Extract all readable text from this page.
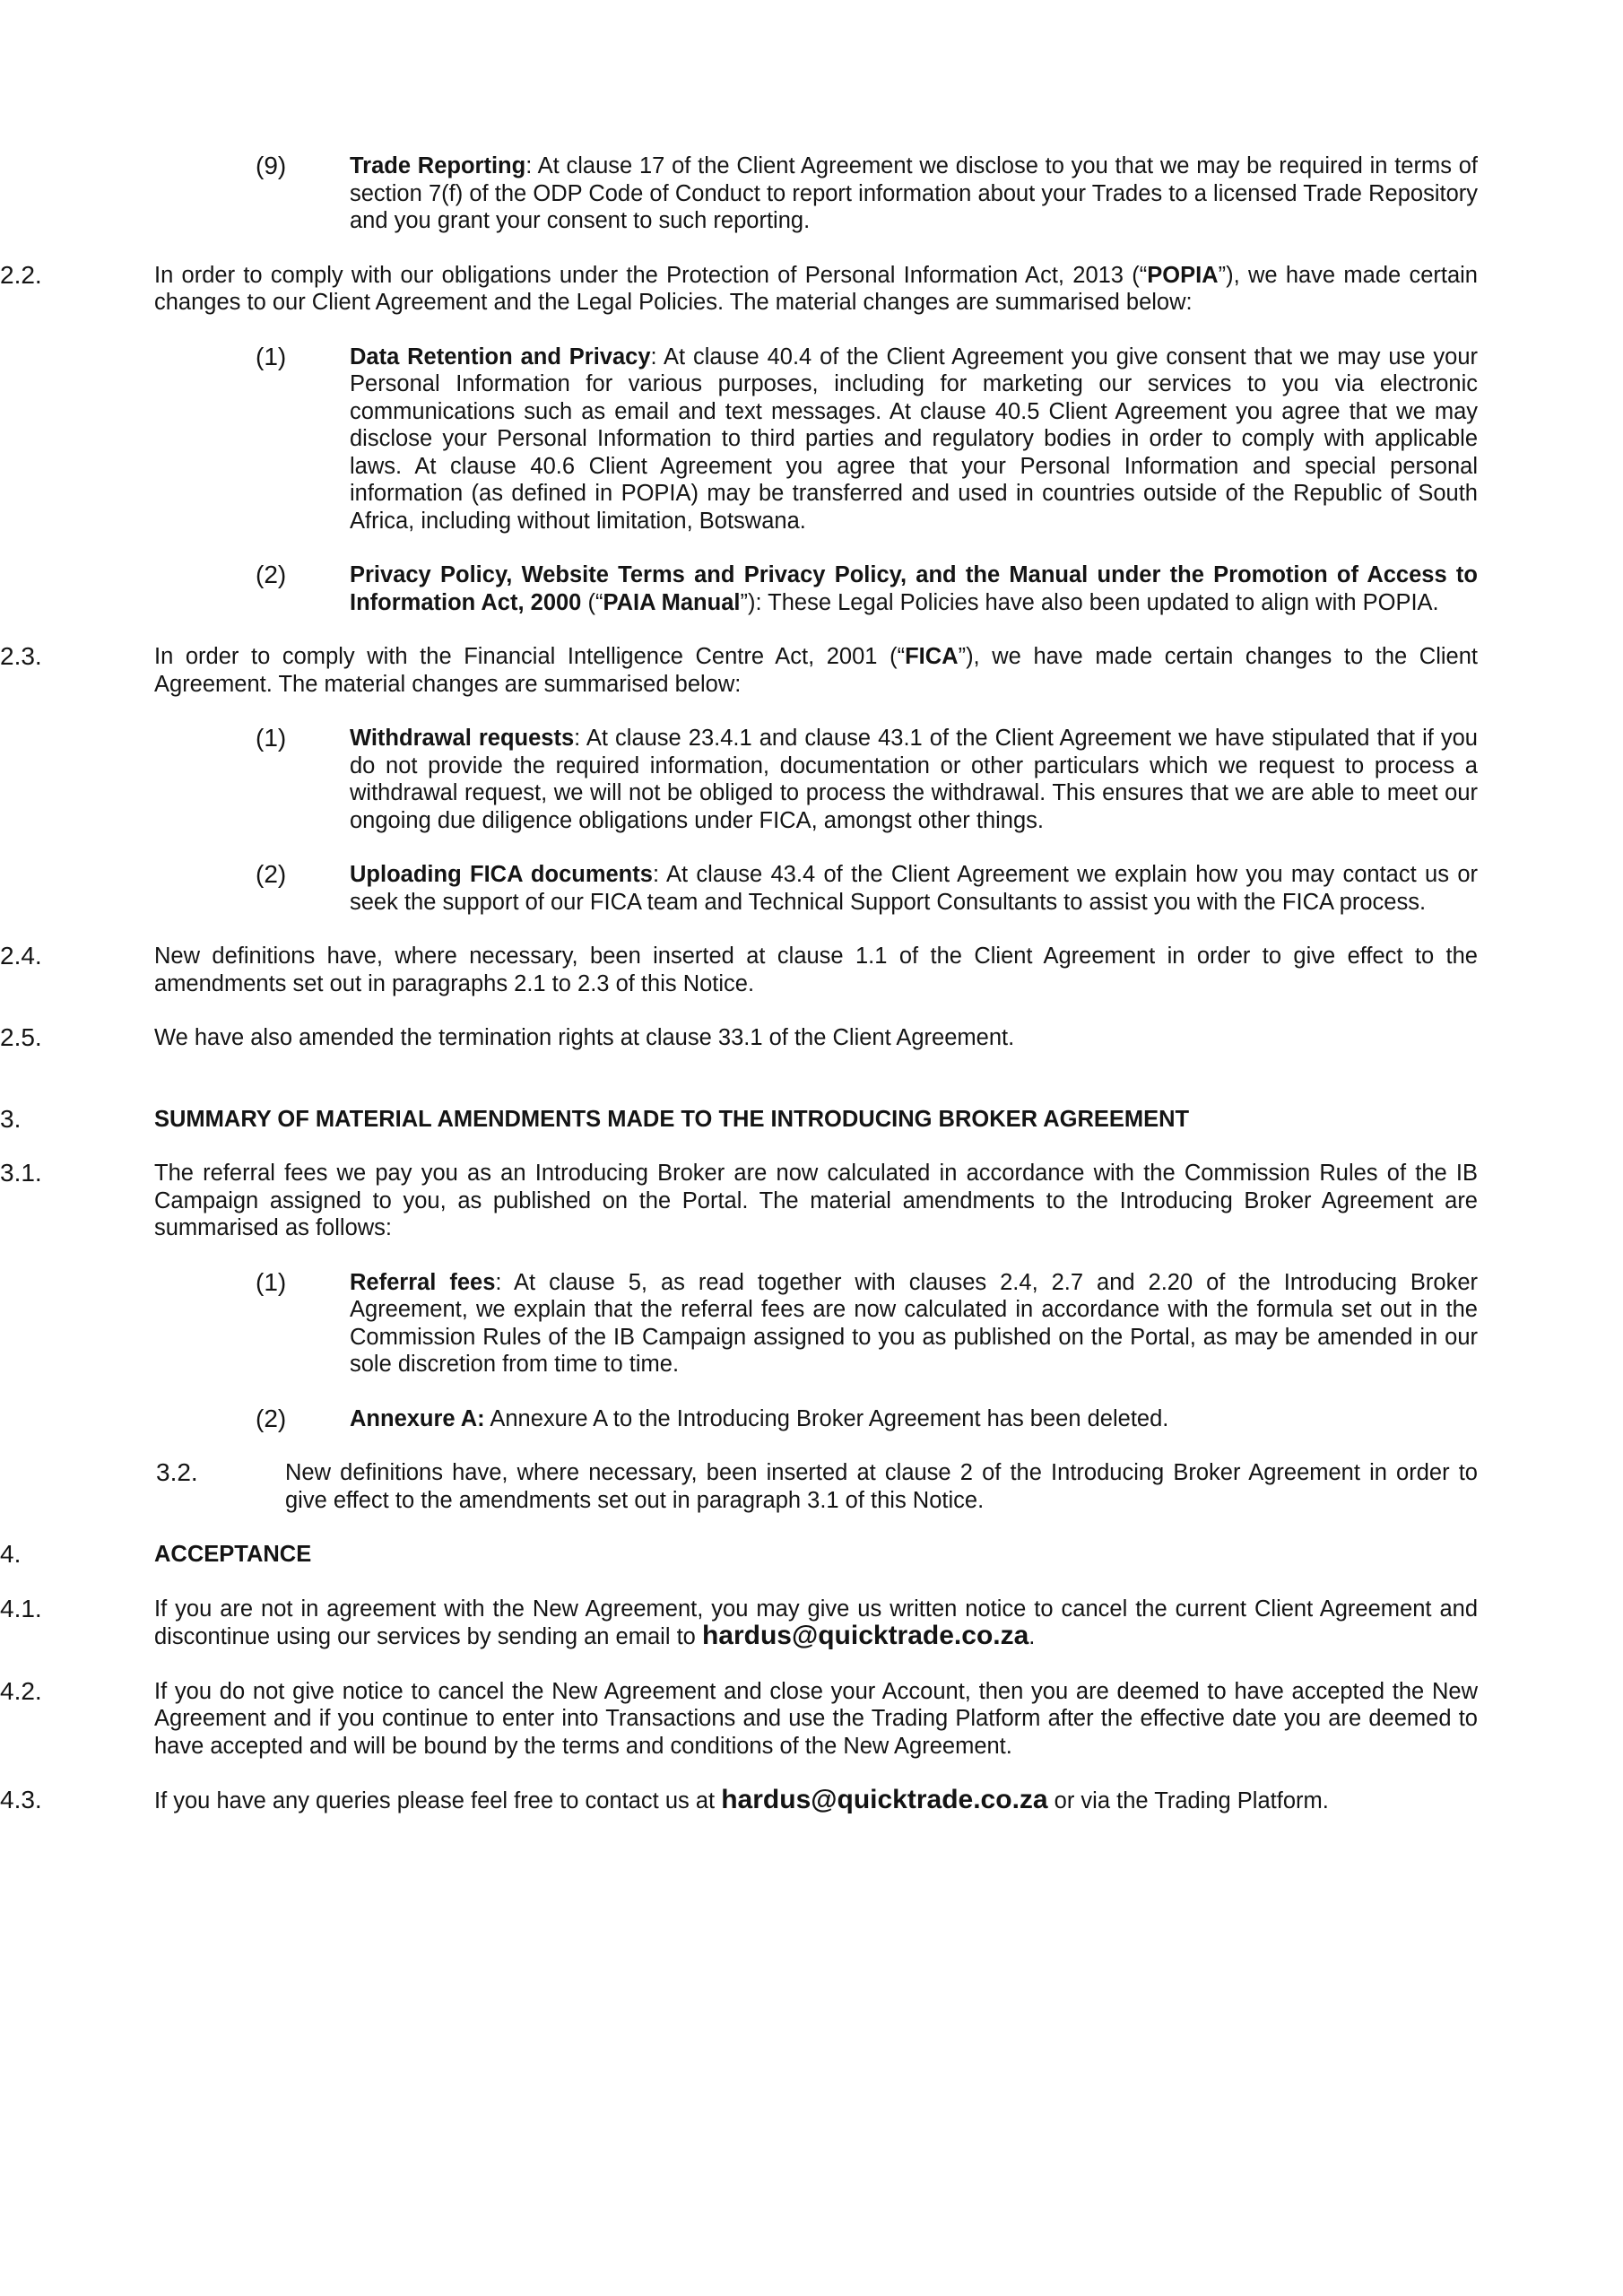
(9)	Trade Reporting: At clause 17 of the Client Agreement we disclose to you that we may be required in terms of section 7(f) of the ODP Code of Conduct to report information about your Trades to a licensed Trade Repository and you grant your consent to such reporting.
2.2.	In order to comply with our obligations under the Protection of Personal Information Act, 2013 (“POPIA”), we have made certain changes to our Client Agreement and the Legal Policies. The material changes are summarised below:
(1)	Data Retention and Privacy: At clause 40.4 of the Client Agreement you give consent that we may use your Personal Information for various purposes, including for marketing our services to you via electronic communications such as email and text messages. At clause 40.5 Client Agreement you agree that we may disclose your Personal Information to third parties and regulatory bodies in order to comply with applicable laws. At clause 40.6 Client Agreement you agree that your Personal Information and special personal information (as defined in POPIA) may be transferred and used in countries outside of the Republic of South Africa, including without limitation, Botswana.
(2)	Privacy Policy, Website Terms and Privacy Policy, and the Manual under the Promotion of Access to Information Act, 2000 (“PAIA Manual”): These Legal Policies have also been updated to align with POPIA.
2.3.	In order to comply with the Financial Intelligence Centre Act, 2001 (“FICA”), we have made certain changes to the Client Agreement. The material changes are summarised below:
(1)	Withdrawal requests: At clause 23.4.1 and clause 43.1 of the Client Agreement we have stipulated that if you do not provide the required information, documentation or other particulars which we request to process a withdrawal request, we will not be obliged to process the withdrawal. This ensures that we are able to meet our ongoing due diligence obligations under FICA, amongst other things.
(2)	Uploading FICA documents: At clause 43.4 of the Client Agreement we explain how you may contact us or seek the support of our FICA team and Technical Support Consultants to assist you with the FICA process.
2.4.	New definitions have, where necessary, been inserted at clause 1.1 of the Client Agreement in order to give effect to the amendments set out in paragraphs 2.1 to 2.3 of this Notice.
2.5.	We have also amended the termination rights at clause 33.1 of the Client Agreement.
3.	SUMMARY OF MATERIAL AMENDMENTS MADE TO THE INTRODUCING BROKER AGREEMENT
3.1.	The referral fees we pay you as an Introducing Broker are now calculated in accordance with the Commission Rules of the IB Campaign assigned to you, as published on the Portal. The material amendments to the Introducing Broker Agreement are summarised as follows:
(1)	Referral fees: At clause 5, as read together with clauses 2.4, 2.7 and 2.20 of the Introducing Broker Agreement, we explain that the referral fees are now calculated in accordance with the formula set out in the Commission Rules of the IB Campaign assigned to you as published on the Portal, as may be amended in our sole discretion from time to time.
(2)	Annexure A: Annexure A to the Introducing Broker Agreement has been deleted.
3.2.	New definitions have, where necessary, been inserted at clause 2 of the Introducing Broker Agreement in order to give effect to the amendments set out in paragraph 3.1 of this Notice.
4.	ACCEPTANCE
4.1.	If you are not in agreement with the New Agreement, you may give us written notice to cancel the current Client Agreement and discontinue using our services by sending an email to hardus@quicktrade.co.za.
4.2.	If you do not give notice to cancel the New Agreement and close your Account, then you are deemed to have accepted the New Agreement and if you continue to enter into Transactions and use the Trading Platform after the effective date you are deemed to have accepted and will be bound by the terms and conditions of the New Agreement.
4.3.	If you have any queries please feel free to contact us at hardus@quicktrade.co.za or via the Trading Platform.
